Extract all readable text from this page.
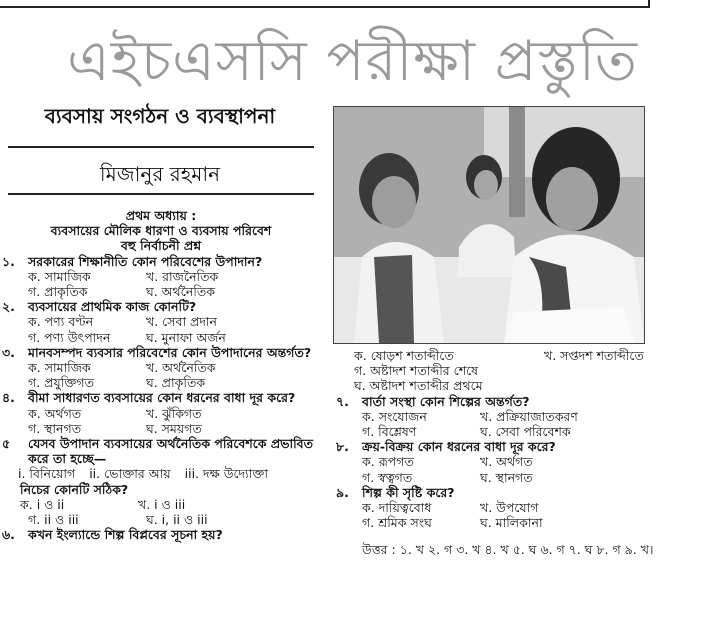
এইচএসসি পরীক্ষা প্রস্তুতি
ব্যবসায় সংগঠন ও ব্যবস্থাপনা
মিজানুর রহমান
প্রথম অধ্যায় :
ব্যবসায়ের মৌলিক ধারণা ও ব্যবসায় পরিবেশ
বহু নির্বাচনী প্রশ্ন
১.	সরকারের শিক্ষানীতি কোন পরিবেশের উপাদান?
ক. সামাজিক	খ. রাজনৈতিক
গ. প্রাকৃতিক	ঘ. অর্থনৈতিক
২.	ব্যবসায়ের প্রাথমিক কাজ কোনটি?
ক. পণ্য বণ্টন	খ. সেবা প্রদান
গ. পণ্য উৎপাদন	ঘ. মুনাফা অর্জন
৩.	মানবসম্পদ ব্যবসার পরিবেশের কোন উপাদানের অন্তর্গত?
ক. সামাজিক	খ. অর্থনৈতিক
গ. প্রযুক্তিগত	ঘ. প্রাকৃতিক
৪.	বীমা সাধারণত ব্যবসায়ের কোন ধরনের বাধা দূর করে?
ক. অর্থগত	খ. ঝুঁকিগত
গ. স্থানগত	ঘ. সময়গত
৫	যেসব উপাদান ব্যবসায়ের অর্থনৈতিক পরিবেশকে প্রভাবিত করে তা হচ্ছে—
i. বিনিয়োগ ii. ভোক্তার আয় iii. দক্ষ উদ্যোক্তা
নিচের কোনটি সঠিক?
ক. i ও ii	খ. i ও iii
গ. ii ও iii	ঘ. i, ii ও iii
৬.	কখন ইংল্যান্ডে শিল্প বিপ্লবের সূচনা হয়?
ক. ষোড়শ শতাব্দীতে	খ. সপ্তদশ শতাব্দীতে
গ. অষ্টাদশ শতাব্দীর শেষে
ঘ. অষ্টাদশ শতাব্দীর প্রথমে
৭.	বার্তা সংস্থা কোন শিল্পের অন্তর্গত?
ক. সংযোজন	খ. প্রক্রিয়াজাতকরণ
গ. বিশ্লেষণ	ঘ. সেবা পরিবেশক
৮.	ক্রয়-বিক্রয় কোন ধরনের বাধা দূর করে?
ক. রূপগত	খ. অর্থগত
গ. স্বত্বগত	ঘ. স্থানগত
৯.	শিল্প কী সৃষ্টি করে?
ক. দায়িত্ববোধ	খ. উপযোগ
গ. শ্রমিক সংঘ	ঘ. মালিকানা
উত্তর : ১. খ ২. গ ৩. খ ৪. খ ৫. ঘ ৬. গ ৭. ঘ ৮. গ ৯. খ।
